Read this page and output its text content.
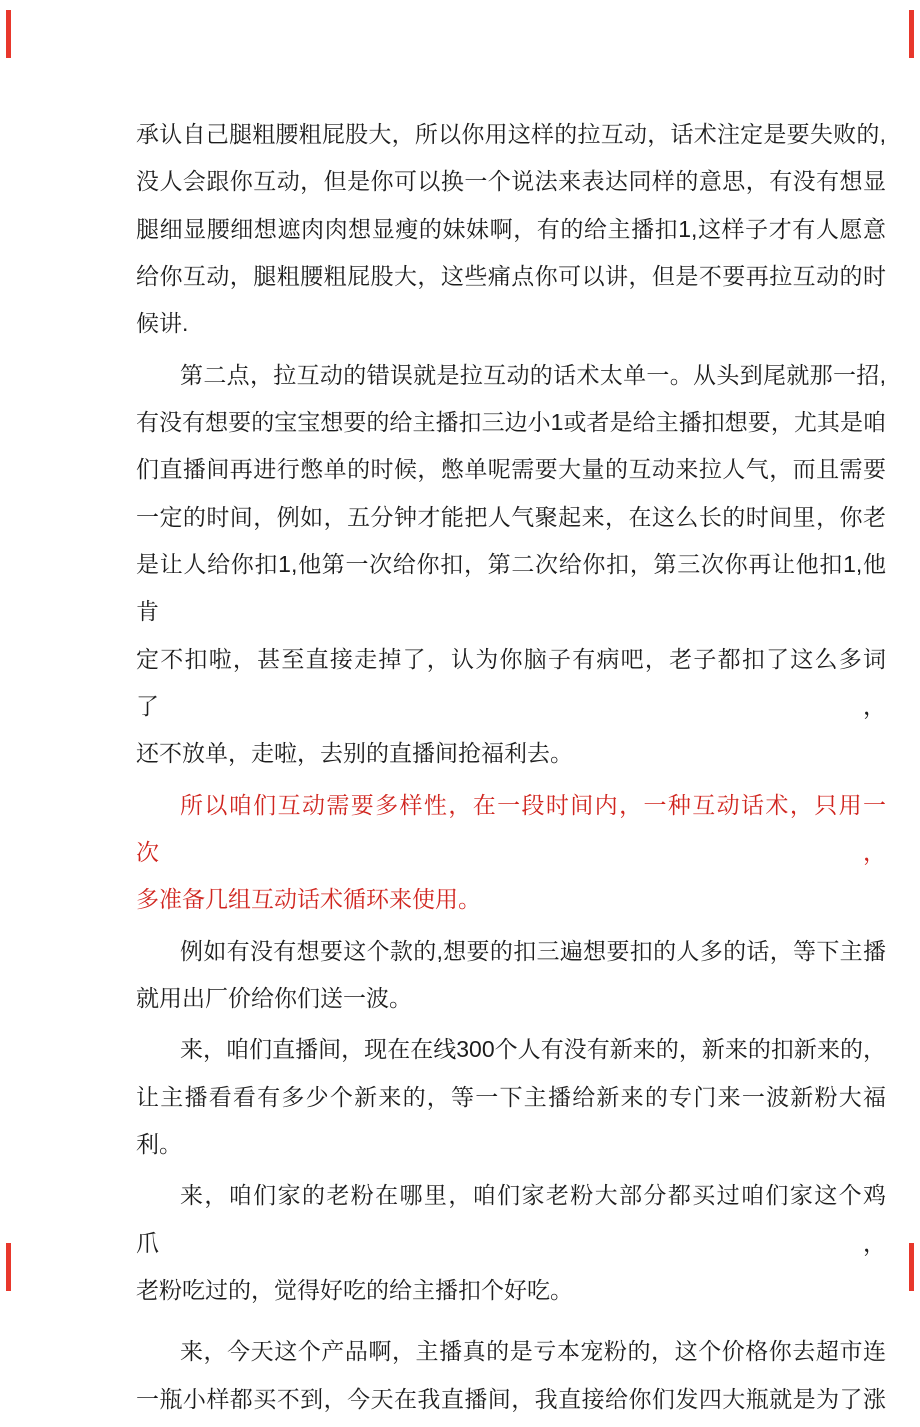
承认自己腿粗腰粗屁股大，所以你用这样的拉互动，话术注定是要失败的,
没人会跟你互动，但是你可以换一个说法来表达同样的意思，有没有想显
腿细显腰细想遮肉肉想显瘦的妹妹啊，有的给主播扣1,这样子才有人愿意
给你互动，腿粗腰粗屁股大，这些痛点你可以讲，但是不要再拉互动的时
候讲.

第二点，拉互动的错误就是拉互动的话术太单一。从头到尾就那一招,
有没有想要的宝宝想要的给主播扣三边小1或者是给主播扣想要，尤其是咱
们直播间再进行憋单的时候，憋单呢需要大量的互动来拉人气，而且需要
一定的时间，例如，五分钟才能把人气聚起来，在这么长的时间里，你老
是让人给你扣1,他第一次给你扣，第二次给你扣，第三次你再让他扣1,他肯
定不扣啦，甚至直接走掉了，认为你脑子有病吧，老子都扣了这么多词了，
还不放单，走啦，去别的直播间抢福利去。

所以咱们互动需要多样性，在一段时间内，一种互动话术，只用一次，
多准备几组互动话术循环来使用。

例如有没有想要这个款的,想要的扣三遍想要扣的人多的话，等下主播
就用出厂价给你们送一波。

来，咱们直播间，现在在线300个人有没有新来的，新来的扣新来的，
让主播看看有多少个新来的，等一下主播给新来的专门来一波新粉大福利。

来，咱们家的老粉在哪里，咱们家老粉大部分都买过咱们家这个鸡爪，
老粉吃过的，觉得好吃的给主播扣个好吃。

来，今天这个产品啊，主播真的是亏本宠粉的，这个价格你去超市连
一瓶小样都买不到，今天在我直播间，我直接给你们发四大瓶就是为了涨
